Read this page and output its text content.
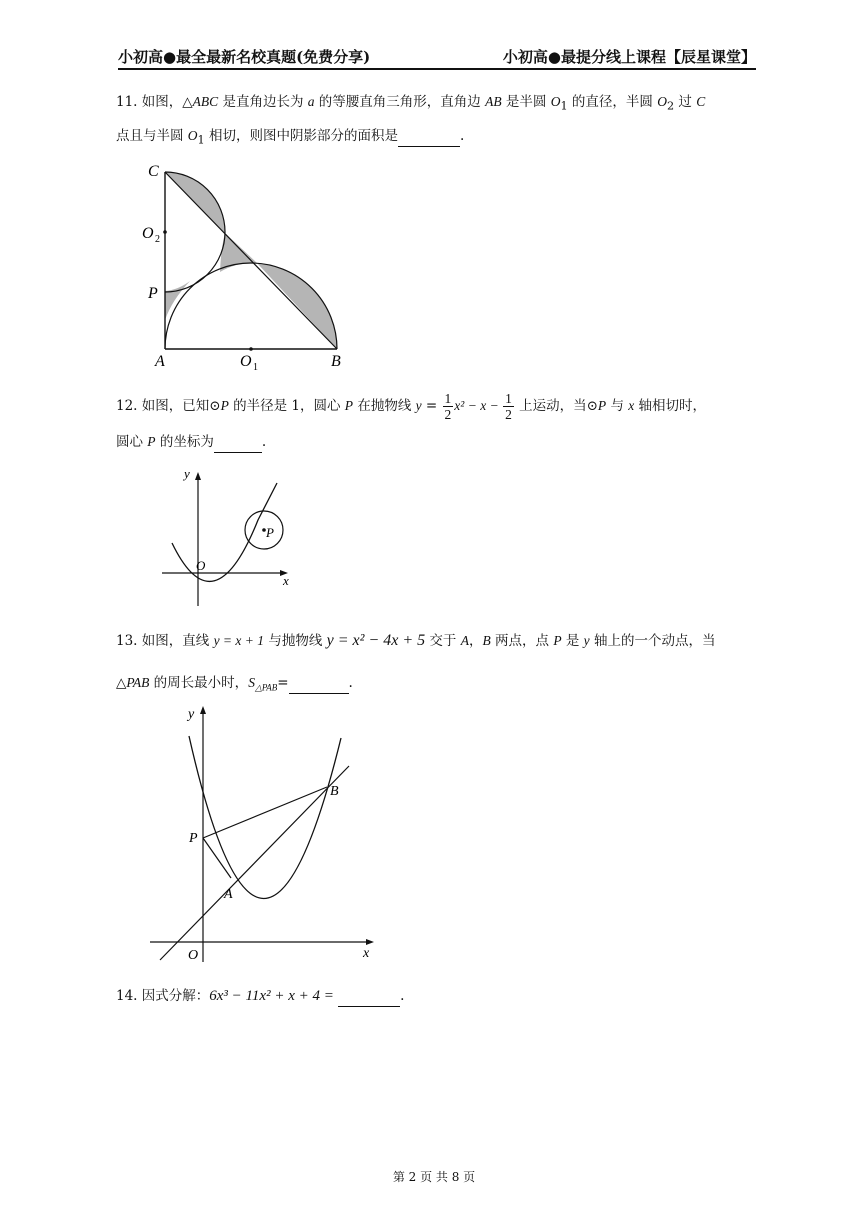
小初高●最全最新名校真题(免费分享)	小初高●最提分线上课程【辰星课堂】
11. 如图，△ABC 是直角边长为 a 的等腰直角三角形，直角边 AB 是半圆 $O_1$ 的直径，半圆 $O_2$ 过 C
点且与半圆 $O_1$ 相切，则图中阴影部分的面积是	.
C
O 2
P
A	O 1	B
12. 如图，已知⊙P 的半径是 1，圆心 P 在抛物线 $y = \frac{1}{2} x^2 - x - \frac{1}{2}$ 上运动，当⊙P 与 x 轴相切时，
圆心 P 的坐标为	.
y
x
O
P
13. 如图，直线 y = x + 1 与抛物线 y = x² − 4x + 5 交于 A，B 两点，点 P 是 y 轴上的一个动点，当
△PAB 的周长最小时，$S_{\triangle PAB}=$	.
y
x
O
P
A
B
14. 因式分解：6x³ − 11x² + x + 4 =	.
第 2 页 共 8 页
